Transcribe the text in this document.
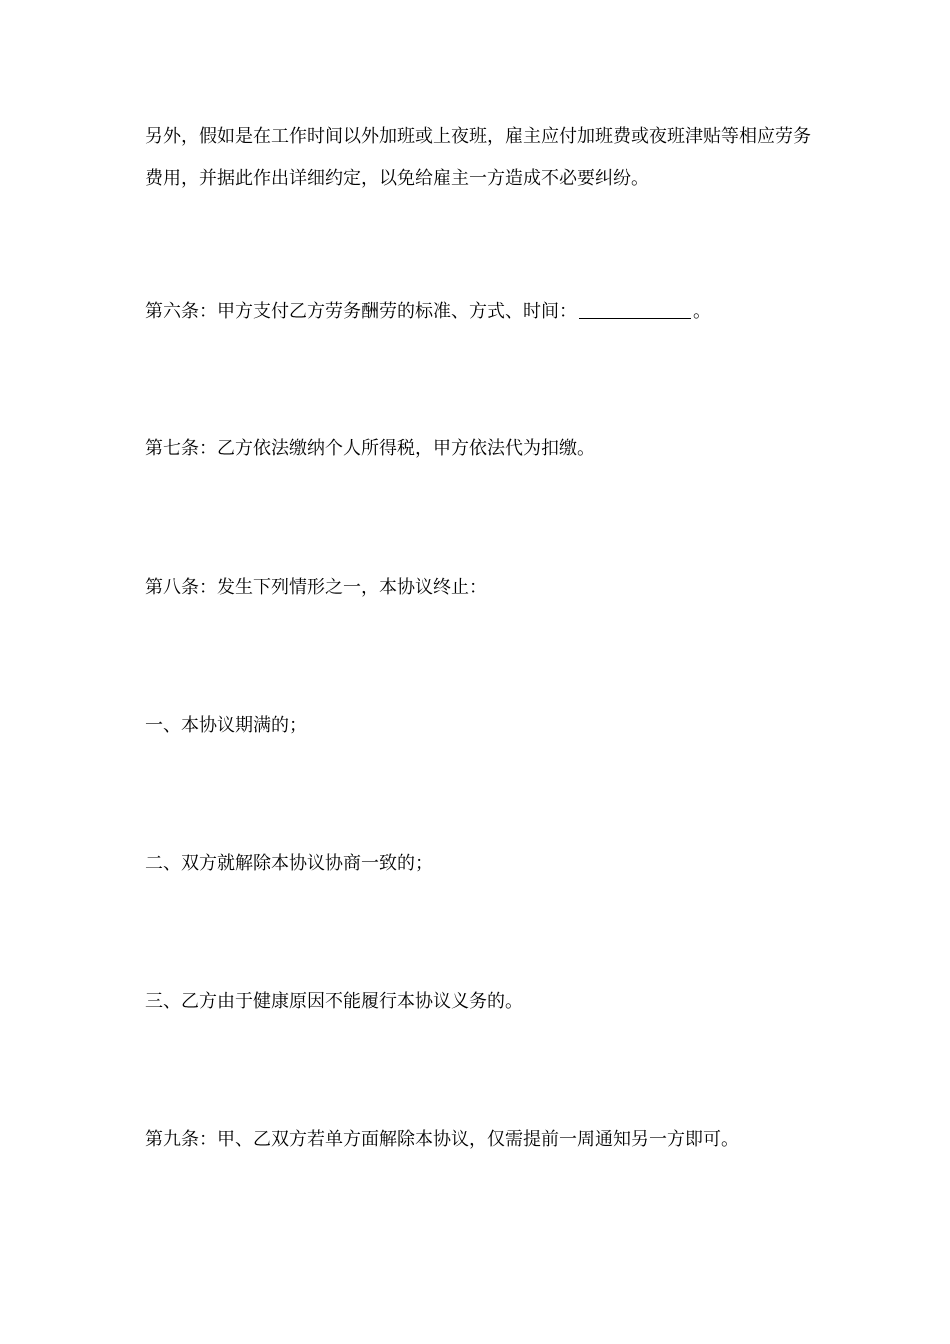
另外，假如是在工作时间以外加班或上夜班，雇主应付加班费或夜班津贴等相应劳务费用，并据此作出详细约定，以免给雇主一方造成不必要纠纷。

第六条：甲方支付乙方劳务酬劳的标准、方式、时间：	。

第七条：乙方依法缴纳个人所得税，甲方依法代为扣缴。

第八条：发生下列情形之一，本协议终止：

一、本协议期满的；

二、双方就解除本协议协商一致的；

三、乙方由于健康原因不能履行本协议义务的。

第九条：甲、乙双方若单方面解除本协议，仅需提前一周通知另一方即可。
